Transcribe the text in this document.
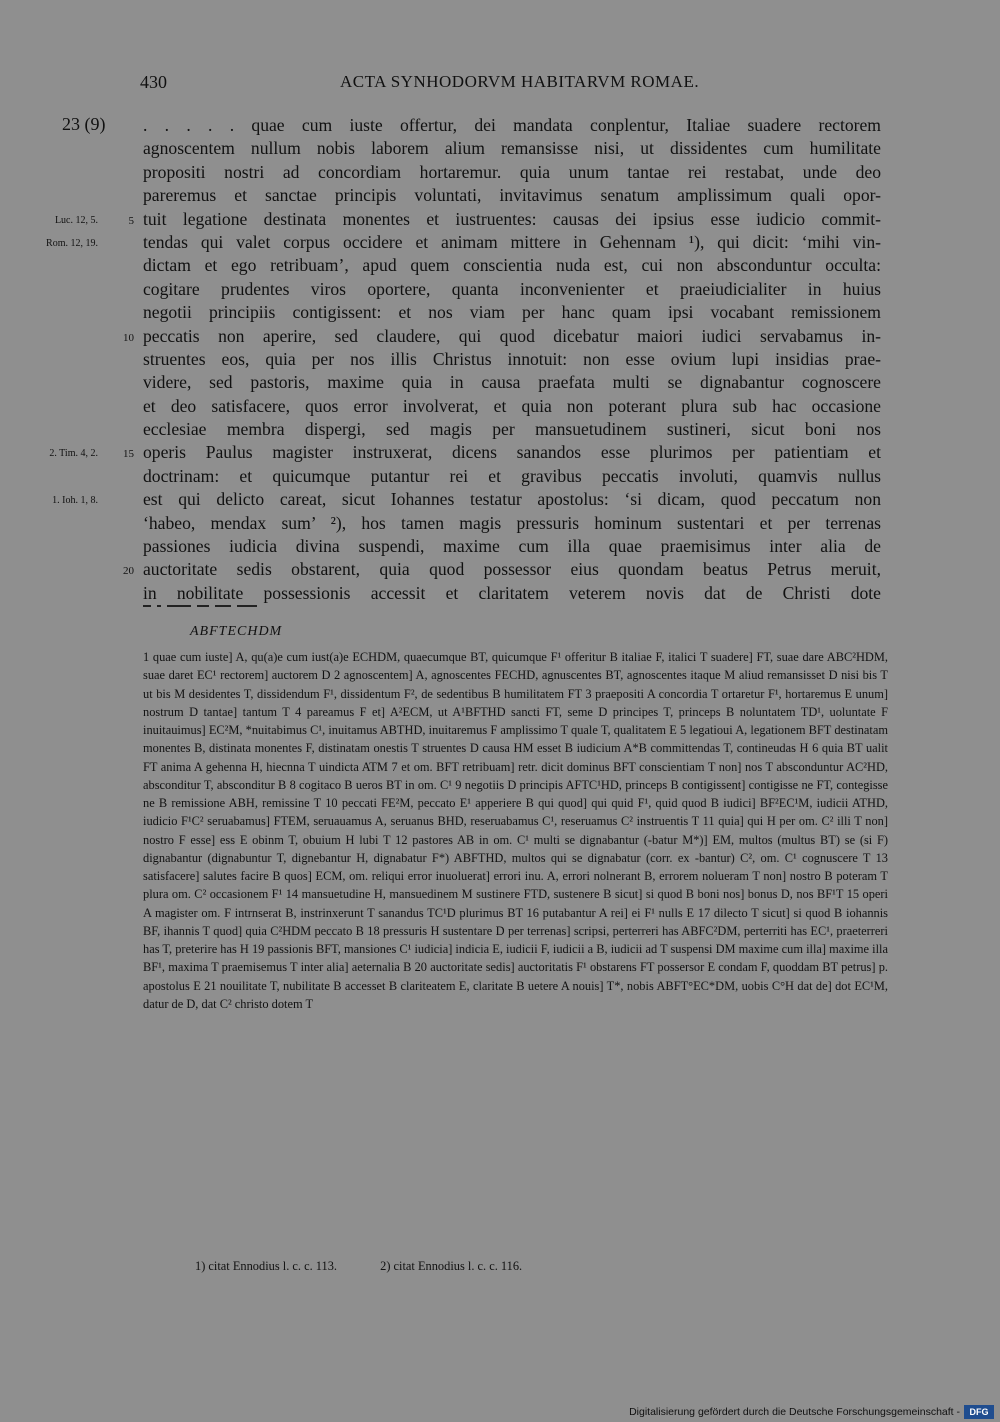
430	ACTA SYNHODORVM HABITARVM ROMAE.
23 (9) . . . . . quae cum iuste offertur, dei mandata conplentur, Italiae suadere rectorem
agnoscentem nullum nobis laborem alium remansisse nisi, ut dissidentes cum humilitate
propositi nostri ad concordiam hortaremur. quia unum tantae rei restabat, unde deo
pareremus et sanctae principis voluntati, invitavimus senatum amplissimum quali opor-
Luc. 12, 5.	5 tuit legatione destinata monentes et iustruentes: causas dei ipsius esse iudicio commit-
Rom. 12, 19.	tendas qui valet corpus occidere et animam mittere in Gehennam ¹), qui dicit: ‘mihi vin-
dictam et ego retribuam’, apud quem conscientia nuda est, cui non absconduntur occulta:
cogitare prudentes viros oportere, quanta inconvenienter et praeiudicialiter in huius
negotii principiis contigissent: et nos viam per hanc quam ipsi vocabant remissionem
10 peccatis non aperire, sed claudere, qui quod dicebatur maiori iudici servabamus in-
struentes eos, quia per nos illis Christus innotuit: non esse ovium lupi insidias prae-
videre, sed pastoris, maxime quia in causa praefata multi se dignabantur cognoscere
et deo satisfacere, quos error involverat, et quia non poterant plura sub hac occasione
ecclesiae membra dispergi, sed magis per mansuetudinem sustineri, sicut boni nos
2. Tim. 4, 2.	15 operis Paulus magister instruxerat, dicens sanandos esse plurimos per patientiam et
doctrinam: et quicumque putantur rei et gravibus peccatis involuti, quamvis nullus
1. Ioh. 1, 8.	est qui delicto careat, sicut Iohannes testatur apostolus: ‘si dicam, quod peccatum non
‘habeo, mendax sum’ ²), hos tamen magis pressuris hominum sustentari et per terrenas
passiones iudicia divina suspendi, maxime cum illa quae praemisimus inter alia de
20 auctoritate sedis obstarent, quia quod possessor eius quondam beatus Petrus meruit,
in nobilitate possessionis accessit et claritatem veterem novis dat de Christi dote
ABFTECHDM
1 quae cum iuste] A, qu(a)e cum iust(a)e ECHDM, quaecumque BT, quicumque F¹ offeritur B italiae F, italici T suadere] FT, suae dare ABC²HDM, suae daret EC¹ rectorem] auctorem D 2 agnoscentem] A, agnoscentes FECHD, agnuscentes BT, agnoscentes itaque M aliud remansisset D nisi bis T ut bis M desidentes T, dissidendum F¹, dissidentum F², de sedentibus B humilitatem FT 3 praepositi A concordia T ortaretur F¹, hortaremus E unum] nostrum D tantae] tantum T 4 pareamus F et] A²ECM, ut A¹BFTHD sancti FT, seme D principes T, princeps B noluntatem TD¹, uoluntate F inuitauimus] EC²M, *nuitabimus C¹, inuitamus ABTHD, inuitaremus F amplissimo T quale T, qualitatem E 5 legatioui A, legationem BFT destinatam monentes B, distinata monentes F, distinatam onestis T struentes D causa HM esset B iudicium A*B committendas T, contineudas H 6 quia BT ualit FT anima A gehenna H, hiecnna T uindicta ATM 7 et om. BFT retribuam] retr. dicit dominus BFT conscientiam T non] nos T absconduntur AC²HD, absconditur T, absconditur B 8 cogitaco B ueros BT in om. C¹ 9 negotiis D principis AFTC¹HD, princeps B contigissent] contigisse ne FT, contegisse ne B remissione ABH, remissine T 10 peccati FE²M, peccato E¹ apperiere B qui quod] qui quid F¹, quid quod B iudici] BF²EC¹M, iudicii ATHD, iudicio F¹C² seruabamus] FTEM, seruauamus A, seruanus BHD, reseruabamus C¹, reseruamus C² instruentis T 11 quia] qui H per om. C² illi T non] nostro F esse] ess E obinm T, obuium H lubi T 12 pastores AB in om. C¹ multi se dignabantur (-batur M*)] EM, multos (multus BT) se (si F) dignabantur (dignabuntur T, dignebantur H, dignabatur F*) ABFTHD, multos qui se dignabatur (corr. ex -bantur) C², om. C¹ cognuscere T 13 satisfacere] salutes facire B quos] ECM, om. reliqui error inuoluerat] errori inu. A, errori nolnerant B, errorem nolueram T non] nostro B poteram T plura om. C² occasionem F¹ 14 mansuetudine H, mansuedinem M sustinere FTD, sustenere B sicut] si quod B boni nos] bonus D, nos BF¹T 15 operi A magister om. F intrnserat B, instrinxerunt T sanandus TC¹D plurimus BT 16 putabantur A rei] ei F¹ nulls E 17 dilecto T sicut] si quod B iohannis BF, ihannis T quod] quia C²HDM peccato B 18 pressuris H sustentare D per terrenas] scripsi, perterreri has ABFC²DM, perterriti has EC¹, praeterreri has T, preterire has H 19 passionis BFT, mansiones C¹ iudicia] indicia E, iudicii F, iudicii a B, iudicii ad T suspensi DM maxime cum illa] maxime illa BF¹, maxima T praemisemus T inter alia] aeternalia B 20 auctoritate sedis] auctoritatis F¹ obstarens FT possersor E condam F, quoddam BT petrus] p. apostolus E 21 nouilitate T, nubilitate B accesset B clariteatem E, claritate B uetere A nouis] T*, nobis ABFT°EC*DM, uobis C°H dat de] dot EC¹M, datur de D, dat C² christo dotem T
1) citat Ennodius l. c. c. 113.	2) citat Ennodius l. c. c. 116.
Digitalisierung gefördert durch die Deutsche Forschungsgemeinschaft -	DFG
